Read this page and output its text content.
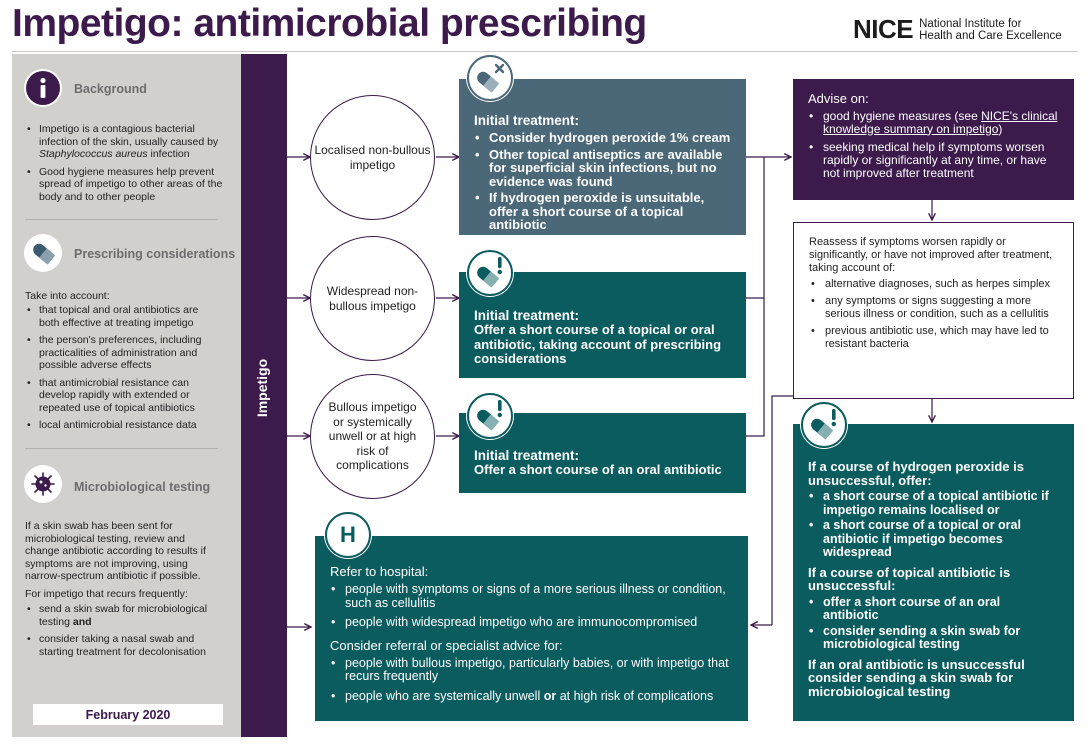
Impetigo: antimicrobial prescribing	NICE National Institute for
Health and Care Excellence
Background
• Impetigo is a contagious bacterial infection of the skin, usually caused by Staphylococcus aureus infection
• Good hygiene measures help prevent spread of impetigo to other areas of the body and to other people
Prescribing considerations
Take into account:
• that topical and oral antibiotics are both effective at treating impetigo
• the person's preferences, including practicalities of administration and possible adverse effects
• that antimicrobial resistance can develop rapidly with extended or repeated use of topical antibiotics
• local antimicrobial resistance data
Microbiological testing
If a skin swab has been sent for microbiological testing, review and change antibiotic according to results if symptoms are not improving, using narrow-spectrum antibiotic if possible.
For impetigo that recurs frequently:
• send a skin swab for microbiological testing and
• consider taking a nasal swab and starting treatment for decolonisation
February 2020
Impetigo
Localised non-bullous impetigo
Widespread non-bullous impetigo
Bullous impetigo or systemically unwell or at high risk of complications
Initial treatment:
• Consider hydrogen peroxide 1% cream
• Other topical antiseptics are available for superficial skin infections, but no evidence was found
• If hydrogen peroxide is unsuitable, offer a short course of a topical antibiotic
Initial treatment:
Offer a short course of a topical or oral antibiotic, taking account of prescribing considerations
Initial treatment:
Offer a short course of an oral antibiotic
Advise on:
• good hygiene measures (see NICE's clinical knowledge summary on impetigo)
• seeking medical help if symptoms worsen rapidly or significantly at any time, or have not improved after treatment
Reassess if symptoms worsen rapidly or significantly, or have not improved after treatment, taking account of:
• alternative diagnoses, such as herpes simplex
• any symptoms or signs suggesting a more serious illness or condition, such as a cellulitis
• previous antibiotic use, which may have led to resistant bacteria
If a course of hydrogen peroxide is unsuccessful, offer:
• a short course of a topical antibiotic if impetigo remains localised or
• a short course of a topical or oral antibiotic if impetigo becomes widespread
If a course of topical antibiotic is unsuccessful:
• offer a short course of an oral antibiotic
• consider sending a skin swab for microbiological testing
If an oral antibiotic is unsuccessful consider sending a skin swab for microbiological testing
Refer to hospital:
• people with symptoms or signs of a more serious illness or condition, such as cellulitis
• people with widespread impetigo who are immunocompromised
Consider referral or specialist advice for:
• people with bullous impetigo, particularly babies, or with impetigo that recurs frequently
• people who are systemically unwell or at high risk of complications
H
